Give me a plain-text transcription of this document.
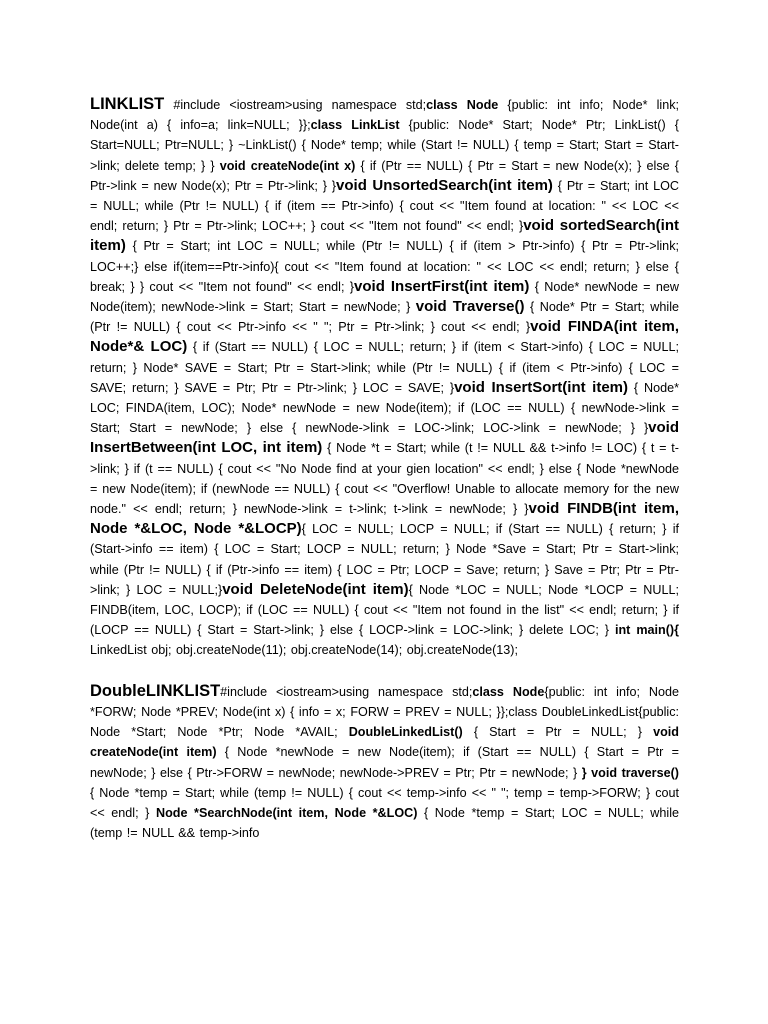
LINKLIST #include <iostream>using namespace std;class Node {public: int info; Node* link; Node(int a) { info=a; link=NULL; }};class LinkList {public: Node* Start; Node* Ptr; LinkList() { Start=NULL; Ptr=NULL; } ~LinkList() { Node* temp; while (Start != NULL) { temp = Start; Start = Start->link; delete temp; } } void createNode(int x) { if (Ptr == NULL) { Ptr = Start = new Node(x); } else { Ptr->link = new Node(x); Ptr = Ptr->link; } }void UnsortedSearch(int item) { Ptr = Start; int LOC = NULL; while (Ptr != NULL) { if (item == Ptr->info) { cout << "Item found at location: " << LOC << endl; return; } Ptr = Ptr->link; LOC++; } cout << "Item not found" << endl; }void sortedSearch(int item) { Ptr = Start; int LOC = NULL; while (Ptr != NULL) { if (item > Ptr->info) { Ptr = Ptr->link; LOC++;} else if(item==Ptr->info){ cout << "Item found at location: " << LOC << endl; return; } else { break; } } cout << "Item not found" << endl; }void InsertFirst(int item) { Node* newNode = new Node(item); newNode->link = Start; Start = newNode; } void Traverse() { Node* Ptr = Start; while (Ptr != NULL) { cout << Ptr->info << " "; Ptr = Ptr->link; } cout << endl; }void FINDA(int item, Node*& LOC) { if (Start == NULL) { LOC = NULL; return; } if (item < Start->info) { LOC = NULL; return; } Node* SAVE = Start; Ptr = Start->link; while (Ptr != NULL) { if (item < Ptr->info) { LOC = SAVE; return; } SAVE = Ptr; Ptr = Ptr->link; } LOC = SAVE; }void InsertSort(int item) { Node* LOC; FINDA(item, LOC); Node* newNode = new Node(item); if (LOC == NULL) { newNode->link = Start; Start = newNode; } else { newNode->link = LOC->link; LOC->link = newNode; } }void InsertBetween(int LOC, int item) { Node *t = Start; while (t != NULL && t->info != LOC) { t = t->link; } if (t == NULL) { cout << "No Node find at your gien location" << endl; } else { Node *newNode = new Node(item); if (newNode == NULL) { cout << "Overflow! Unable to allocate memory for the new node." << endl; return; } newNode->link = t->link; t->link = newNode; } }void FINDB(int item, Node *&LOC, Node *&LOCP){ LOC = NULL; LOCP = NULL; if (Start == NULL) { return; } if (Start->info == item) { LOC = Start; LOCP = NULL; return; } Node *Save = Start; Ptr = Start->link; while (Ptr != NULL) { if (Ptr->info == item) { LOC = Ptr; LOCP = Save; return; } Save = Ptr; Ptr = Ptr->link; } LOC = NULL;}void DeleteNode(int item){ Node *LOC = NULL; Node *LOCP = NULL; FINDB(item, LOC, LOCP); if (LOC == NULL) { cout << "Item not found in the list" << endl; return; } if (LOCP == NULL) { Start = Start->link; } else { LOCP->link = LOC->link; } delete LOC; } int main(){ LinkedList obj; obj.createNode(11); obj.createNode(14); obj.createNode(13);

DoubleLINKLIST#include <iostream>using namespace std;class Node{public: int info; Node *FORW; Node *PREV; Node(int x) { info = x; FORW = PREV = NULL; }};class DoubleLinkedList{public: Node *Start; Node *Ptr; Node *AVAIL; DoubleLinkedList() { Start = Ptr = NULL; } void createNode(int item) { Node *newNode = new Node(item); if (Start == NULL) { Start = Ptr = newNode; } else { Ptr->FORW = newNode; newNode->PREV = Ptr; Ptr = newNode; } } void traverse() { Node *temp = Start; while (temp != NULL) { cout << temp->info << " "; temp = temp->FORW; } cout << endl; } Node *SearchNode(int item, Node *&LOC) { Node *temp = Start; LOC = NULL; while (temp != NULL && temp->info
